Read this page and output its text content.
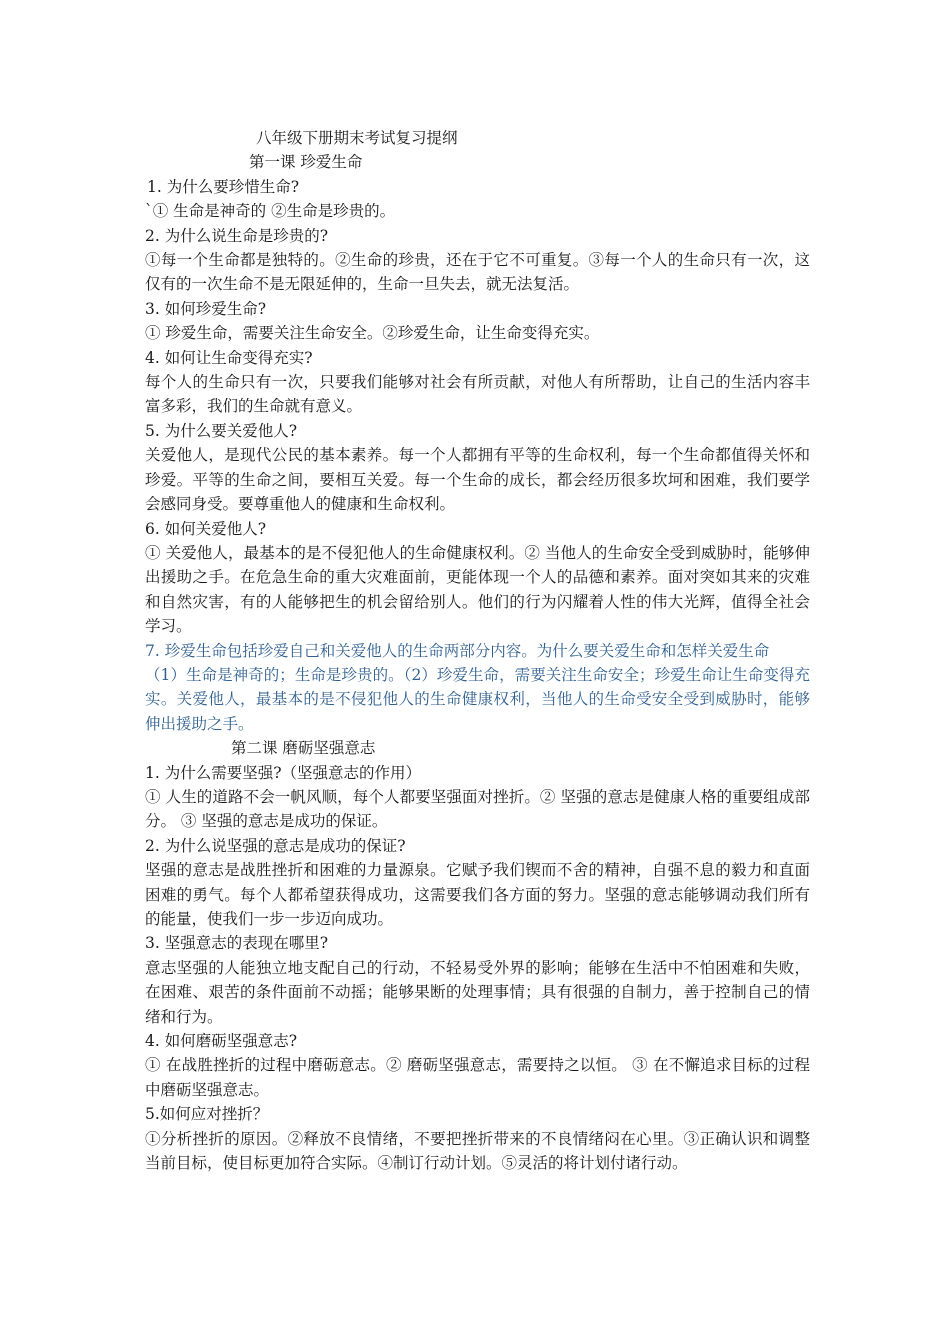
八年级下册期末考试复习提纲
第一课 珍爱生命
1. 为什么要珍惜生命?
`① 生命是神奇的 ②生命是珍贵的。
2. 为什么说生命是珍贵的?
①每一个生命都是独特的。②生命的珍贵，还在于它不可重复。③每一个人的生命只有一次，这仅有的一次生命不是无限延伸的，生命一旦失去，就无法复活。
3. 如何珍爱生命?
① 珍爱生命，需要关注生命安全。②珍爱生命，让生命变得充实。
4. 如何让生命变得充实?
每个人的生命只有一次，只要我们能够对社会有所贡献，对他人有所帮助，让自己的生活内容丰富多彩，我们的生命就有意义。
5. 为什么要关爱他人?
关爱他人，是现代公民的基本素养。每一个人都拥有平等的生命权利，每一个生命都值得关怀和珍爱。平等的生命之间，要相互关爱。每一个生命的成长，都会经历很多坎坷和困难，我们要学会感同身受。要尊重他人的健康和生命权利。
6. 如何关爱他人?
① 关爱他人，最基本的是不侵犯他人的生命健康权利。② 当他人的生命安全受到威胁时，能够伸出援助之手。在危急生命的重大灾难面前，更能体现一个人的品德和素养。面对突如其来的灾难和自然灾害，有的人能够把生的机会留给别人。他们的行为闪耀着人性的伟大光辉，值得全社会学习。
7. 珍爱生命包括珍爱自己和关爱他人的生命两部分内容。为什么要关爱生命和怎样关爱生命
（1）生命是神奇的；生命是珍贵的。（2）珍爱生命，需要关注生命安全；珍爱生命让生命变得充实。关爱他人，最基本的是不侵犯他人的生命健康权利，当他人的生命受安全受到威胁时，能够伸出援助之手。
第二课 磨砺坚强意志
1. 为什么需要坚强?（坚强意志的作用）
① 人生的道路不会一帆风顺，每个人都要坚强面对挫折。② 坚强的意志是健康人格的重要组成部分。 ③ 坚强的意志是成功的保证。
2. 为什么说坚强的意志是成功的保证?
坚强的意志是战胜挫折和困难的力量源泉。它赋予我们锲而不舍的精神，自强不息的毅力和直面困难的勇气。每个人都希望获得成功，这需要我们各方面的努力。坚强的意志能够调动我们所有的能量，使我们一步一步迈向成功。
3. 坚强意志的表现在哪里?
意志坚强的人能独立地支配自己的行动，不轻易受外界的影响；能够在生活中不怕困难和失败，在困难、艰苦的条件面前不动摇；能够果断的处理事情；具有很强的自制力，善于控制自己的情绪和行为。
4. 如何磨砺坚强意志?
① 在战胜挫折的过程中磨砺意志。② 磨砺坚强意志，需要持之以恒。 ③ 在不懈追求目标的过程中磨砺坚强意志。
5.如何应对挫折？
①分析挫折的原因。②释放不良情绪，不要把挫折带来的不良情绪闷在心里。③正确认识和调整当前目标，使目标更加符合实际。④制订行动计划。⑤灵活的将计划付诸行动。
